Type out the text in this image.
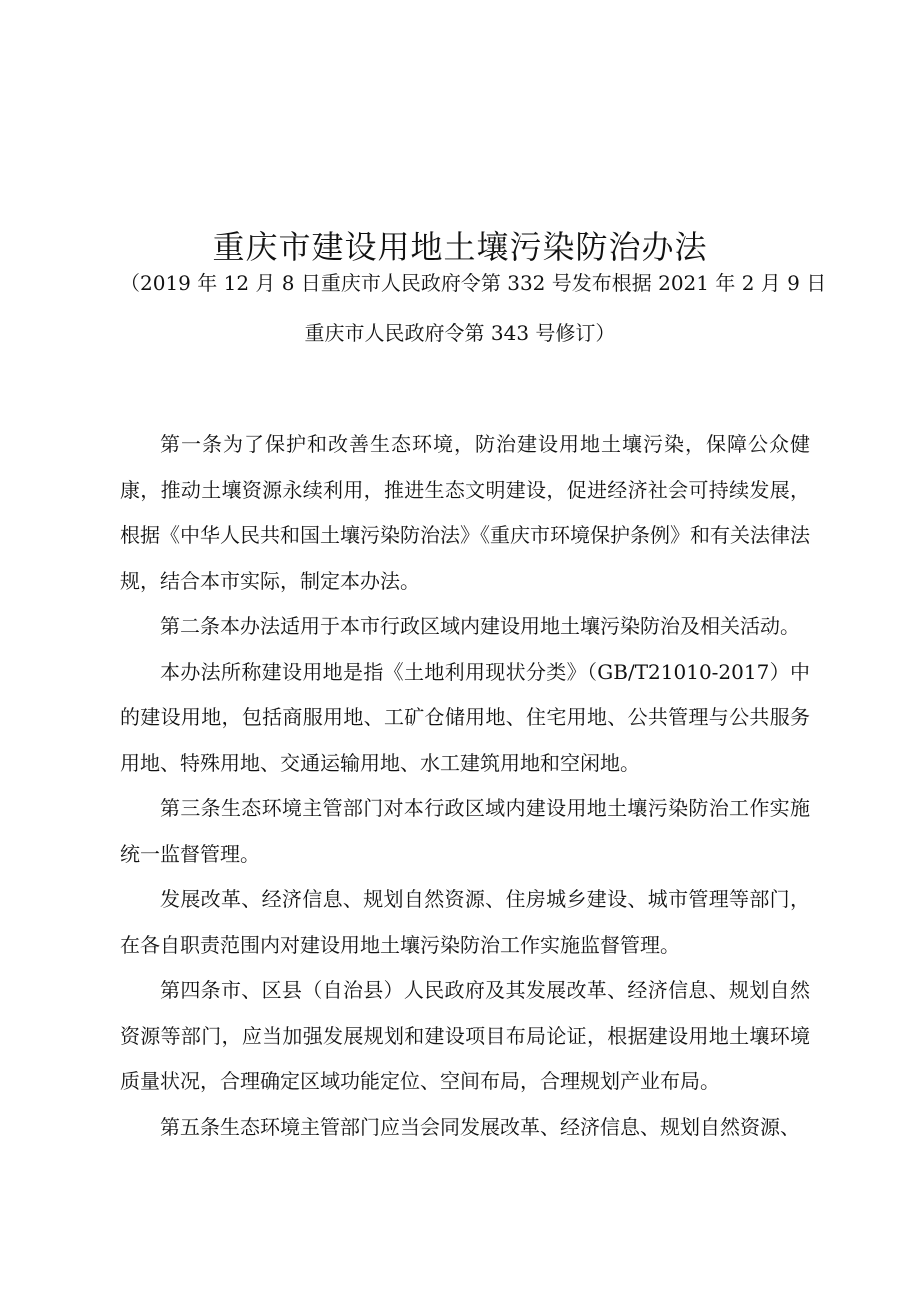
重庆市建设用地土壤污染防治办法

（2019 年 12 月 8 日重庆市人民政府令第 332 号发布根据 2021 年 2 月 9 日
重庆市人民政府令第 343 号修订）

第一条为了保护和改善生态环境，防治建设用地土壤污染，保障公众健康，推动土壤资源永续利用，推进生态文明建设，促进经济社会可持续发展，根据《中华人民共和国土壤污染防治法》《重庆市环境保护条例》和有关法律法规，结合本市实际，制定本办法。

第二条本办法适用于本市行政区域内建设用地土壤污染防治及相关活动。

本办法所称建设用地是指《土地利用现状分类》（GB/T21010-2017）中的建设用地，包括商服用地、工矿仓储用地、住宅用地、公共管理与公共服务用地、特殊用地、交通运输用地、水工建筑用地和空闲地。

第三条生态环境主管部门对本行政区域内建设用地土壤污染防治工作实施统一监督管理。

发展改革、经济信息、规划自然资源、住房城乡建设、城市管理等部门，在各自职责范围内对建设用地土壤污染防治工作实施监督管理。

第四条市、区县（自治县）人民政府及其发展改革、经济信息、规划自然资源等部门，应当加强发展规划和建设项目布局论证，根据建设用地土壤环境质量状况，合理确定区域功能定位、空间布局，合理规划产业布局。

第五条生态环境主管部门应当会同发展改革、经济信息、规划自然资源、
